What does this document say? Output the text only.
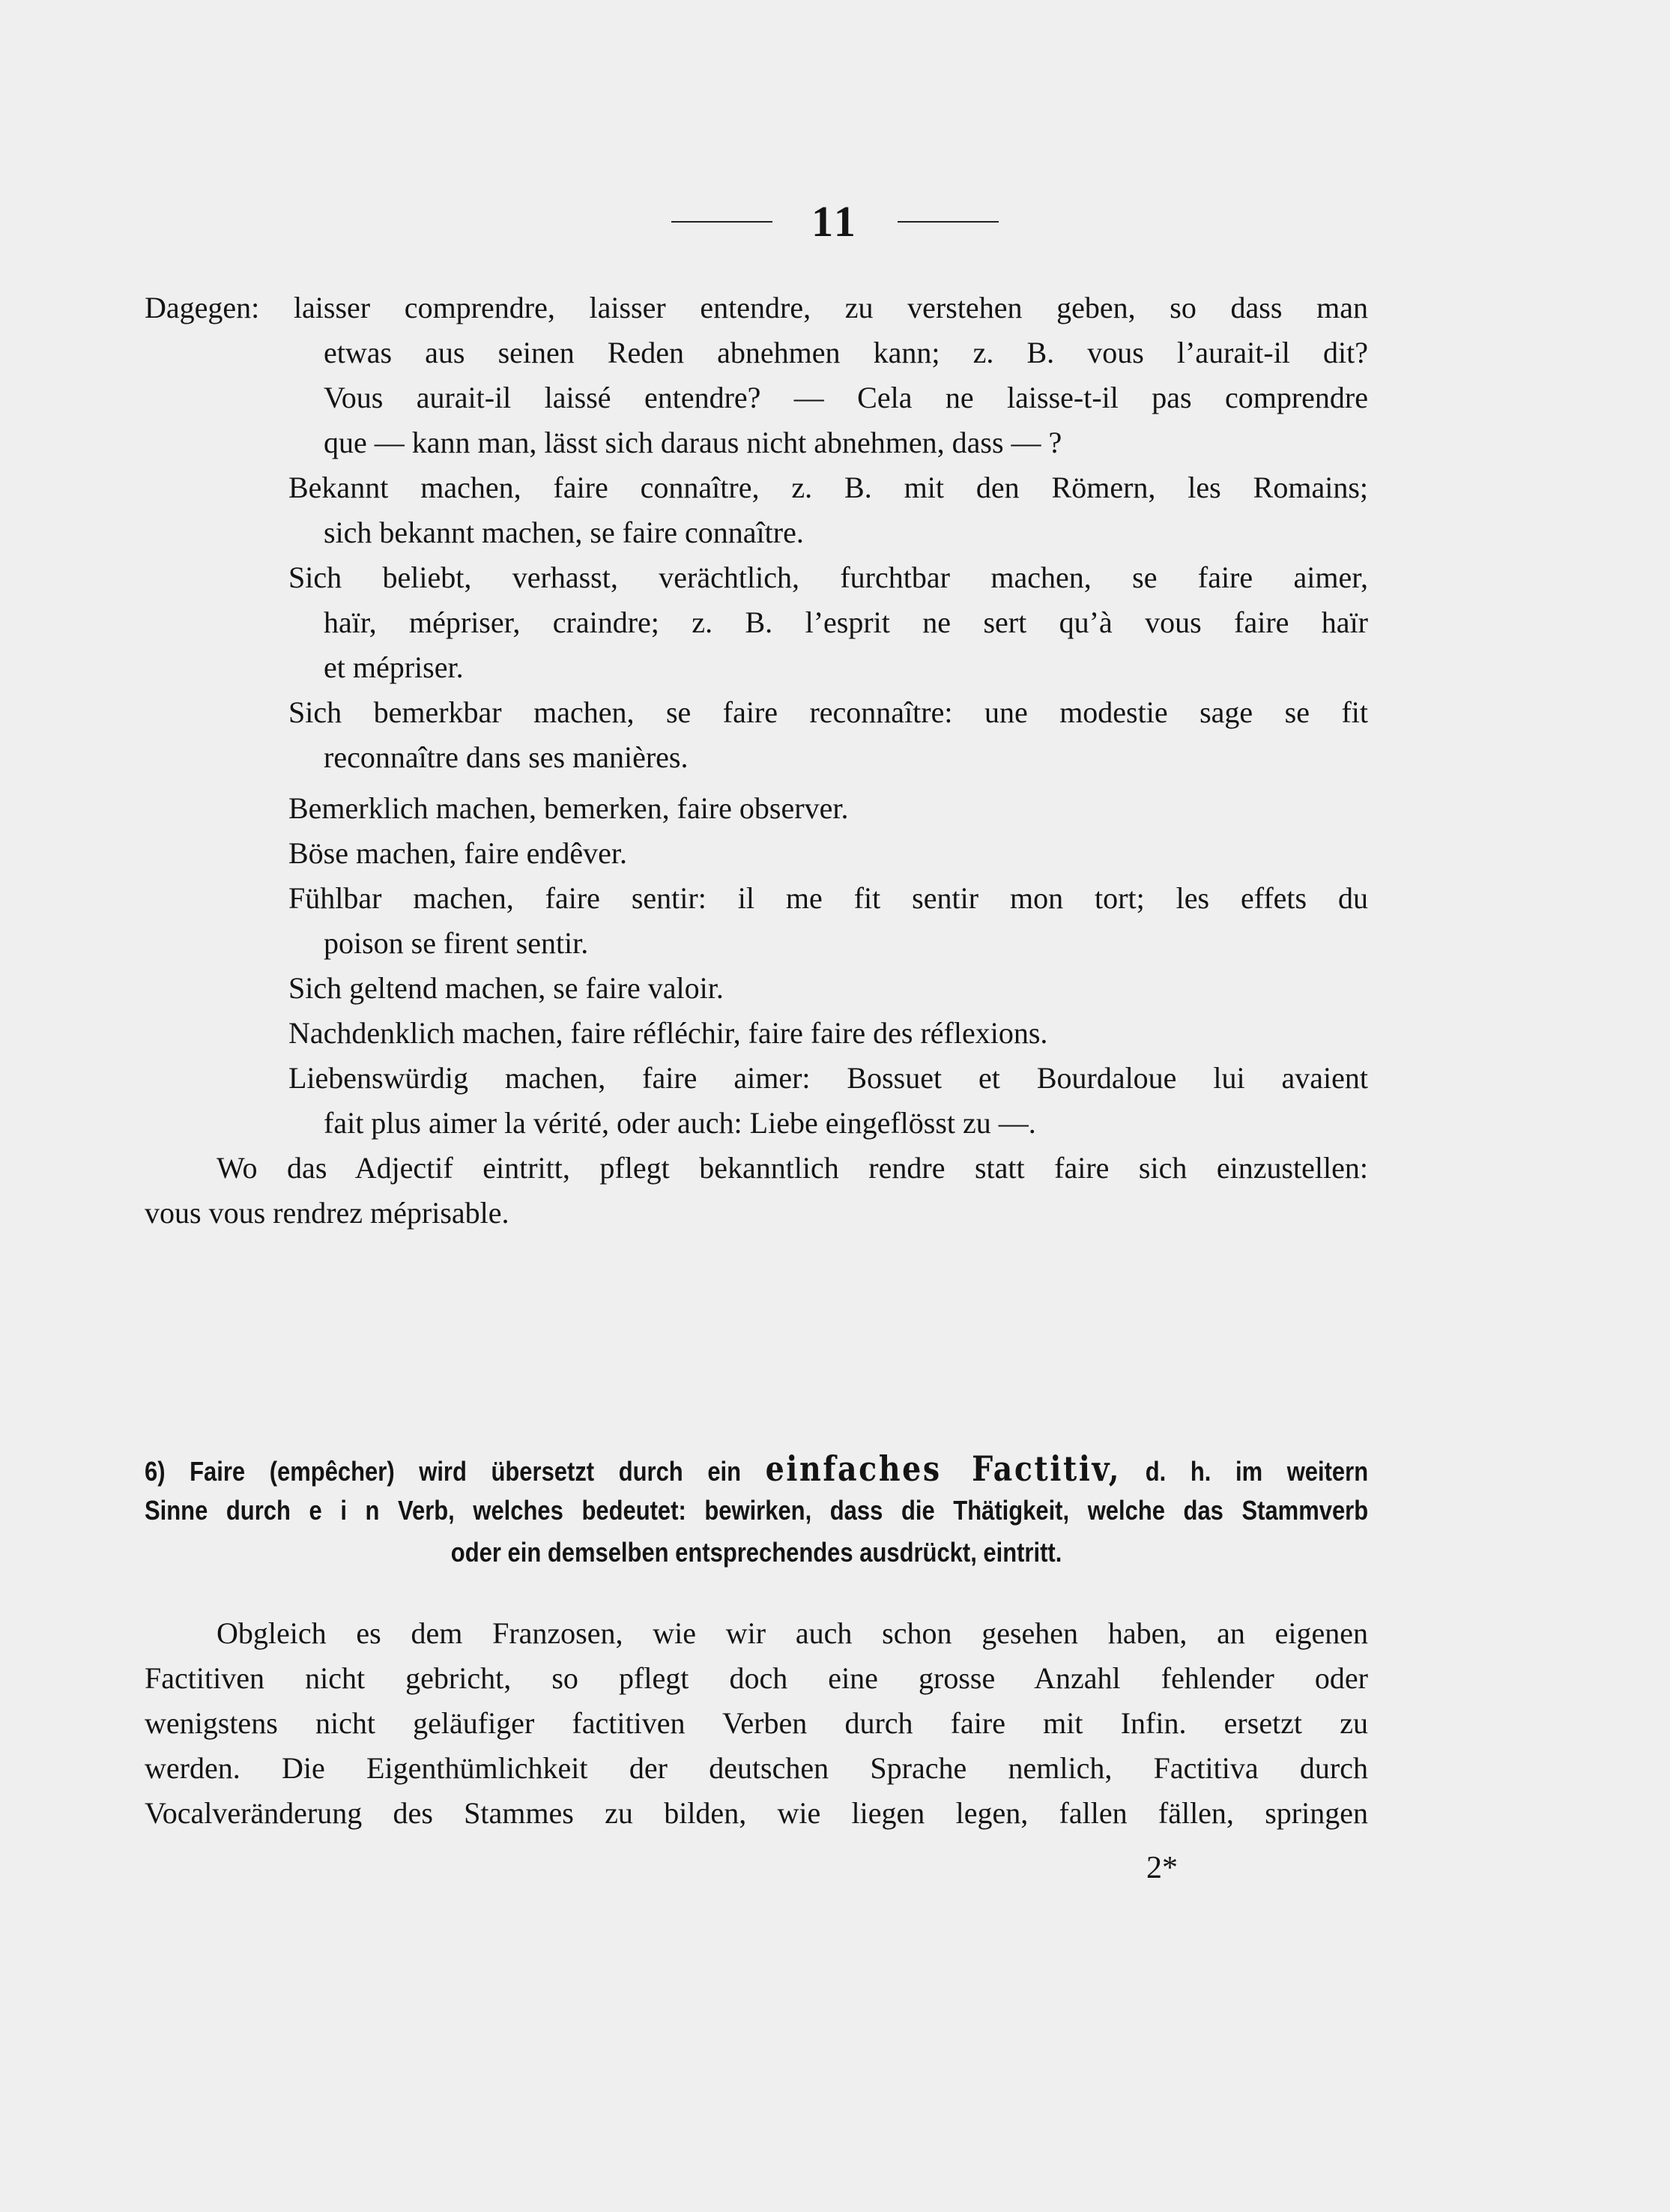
11
Dagegen: laisser comprendre, laisser entendre, zu verstehen geben, so dass man
etwas aus seinen Reden abnehmen kann; z. B. vous l’aurait-il dit?
Vous aurait-il laissé entendre? — Cela ne laisse-t-il pas comprendre
que — kann man, lässt sich daraus nicht abnehmen, dass — ?
Bekannt machen, faire connaître, z. B. mit den Römern, les Romains;
sich bekannt machen, se faire connaître.
Sich beliebt, verhasst, verächtlich, furchtbar machen, se faire aimer,
haïr, mépriser, craindre; z. B. l’esprit ne sert qu’à vous faire haïr
et mépriser.
Sich bemerkbar machen, se faire reconnaître: une modestie sage se fit
reconnaître dans ses manières.
Bemerklich machen, bemerken, faire observer.
Böse machen, faire endêver.
Fühlbar machen, faire sentir: il me fit sentir mon tort; les effets du
poison se firent sentir.
Sich geltend machen, se faire valoir.
Nachdenklich machen, faire réfléchir, faire faire des réflexions.
Liebenswürdig machen, faire aimer: Bossuet et Bourdaloue lui avaient
fait plus aimer la vérité, oder auch: Liebe eingeflösst zu —.
Wo das Adjectif eintritt, pflegt bekanntlich rendre statt faire sich einzustellen:
vous vous rendrez méprisable.
6) Faire (empêcher) wird übersetzt durch ein einfaches Factitiv, d. h. im weitern
Sinne durch e i n Verb, welches bedeutet: bewirken, dass die Thätigkeit, welche das Stammverb
oder ein demselben entsprechendes ausdrückt, eintritt.
Obgleich es dem Franzosen, wie wir auch schon gesehen haben, an eigenen
Factitiven nicht gebricht, so pflegt doch eine grosse Anzahl fehlender oder
wenigstens nicht geläufiger factitiven Verben durch faire mit Infin. ersetzt zu
werden. Die Eigenthümlichkeit der deutschen Sprache nemlich, Factitiva durch
Vocalveränderung des Stammes zu bilden, wie liegen legen, fallen fällen, springen
2*
